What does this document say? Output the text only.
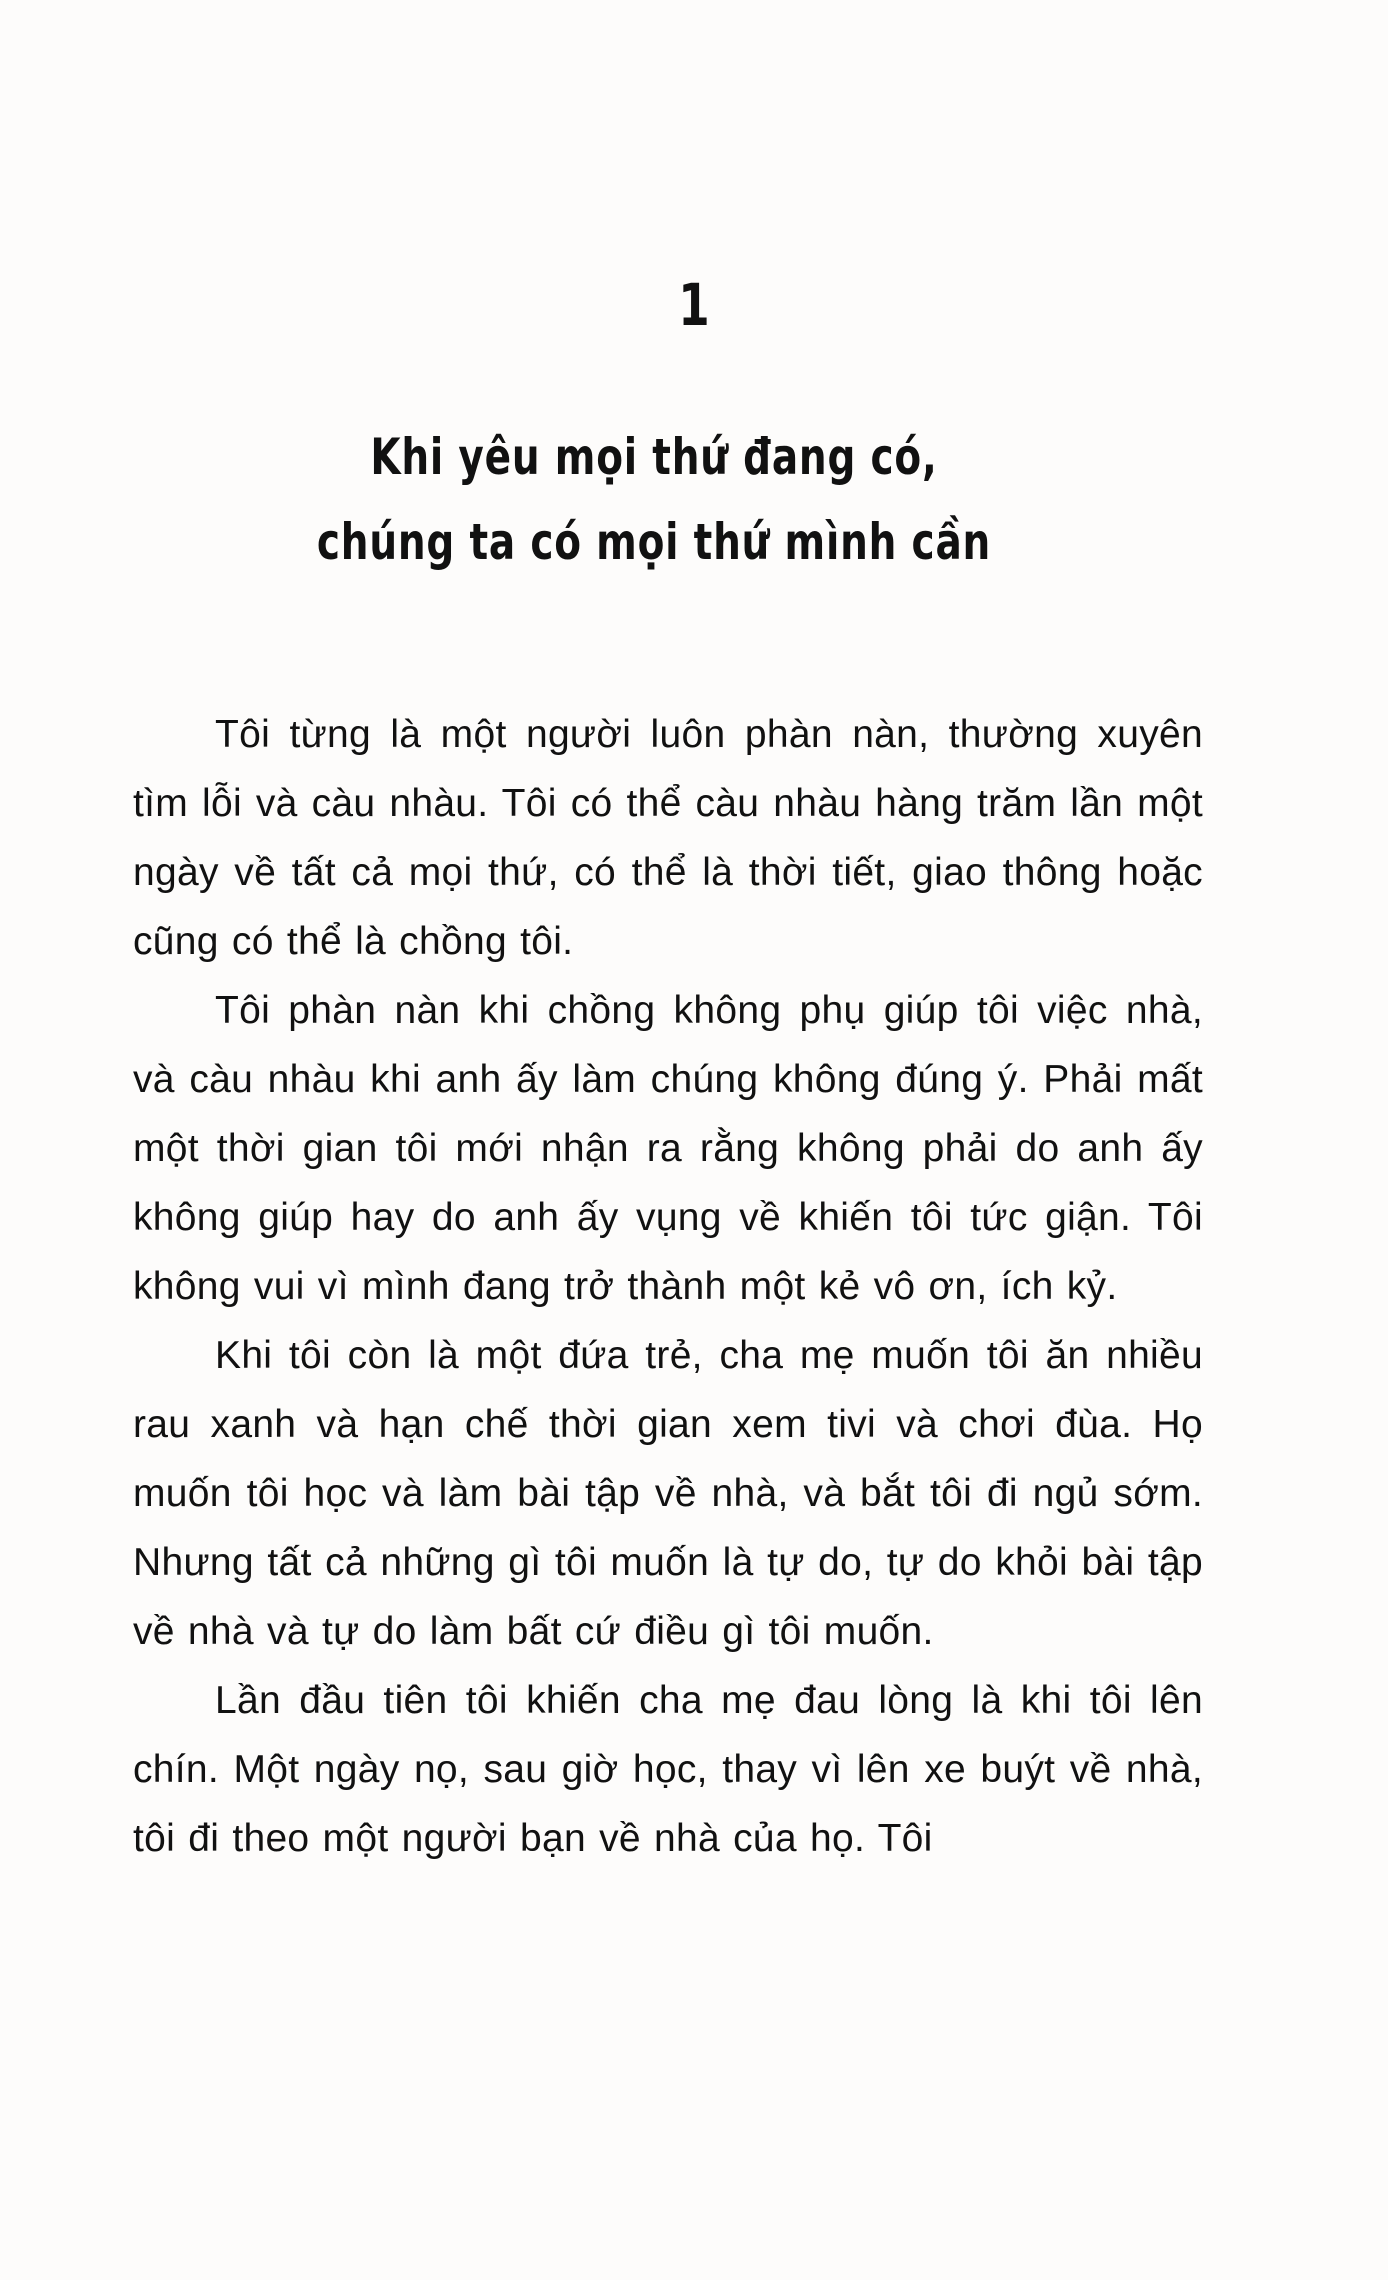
1
Khi yêu mọi thứ đang có,
chúng ta có mọi thứ mình cần

Tôi từng là một người luôn phàn nàn, thường xuyên tìm lỗi và càu nhàu. Tôi có thể càu nhàu hàng trăm lần một ngày về tất cả mọi thứ, có thể là thời tiết, giao thông hoặc cũng có thể là chồng tôi.

Tôi phàn nàn khi chồng không phụ giúp tôi việc nhà, và càu nhàu khi anh ấy làm chúng không đúng ý. Phải mất một thời gian tôi mới nhận ra rằng không phải do anh ấy không giúp hay do anh ấy vụng về khiến tôi tức giận. Tôi không vui vì mình đang trở thành một kẻ vô ơn, ích kỷ.

Khi tôi còn là một đứa trẻ, cha mẹ muốn tôi ăn nhiều rau xanh và hạn chế thời gian xem tivi và chơi đùa. Họ muốn tôi học và làm bài tập về nhà, và bắt tôi đi ngủ sớm. Nhưng tất cả những gì tôi muốn là tự do, tự do khỏi bài tập về nhà và tự do làm bất cứ điều gì tôi muốn.

Lần đầu tiên tôi khiến cha mẹ đau lòng là khi tôi lên chín. Một ngày nọ, sau giờ học, thay vì lên xe buýt về nhà, tôi đi theo một người bạn về nhà của họ. Tôi
